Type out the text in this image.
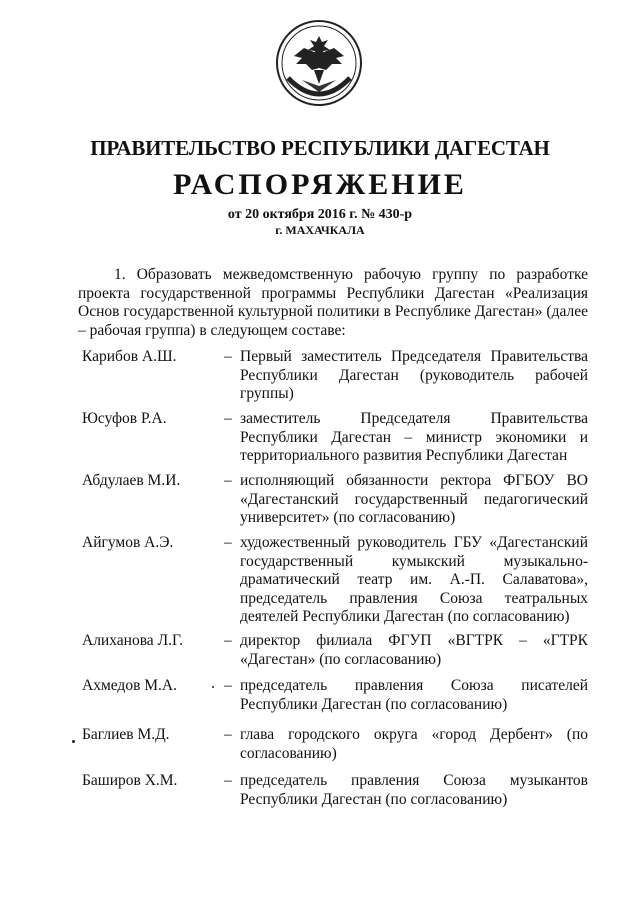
ПРАВИТЕЛЬСТВО РЕСПУБЛИКИ ДАГЕСТАН
РАСПОРЯЖЕНИЕ
от 20 октября 2016 г. № 430-р
г. МАХАЧКАЛА
1. Образовать межведомственную рабочую группу по разработке проекта государственной программы Республики Дагестан «Реализация Основ государственной культурной политики в Республике Дагестан» (далее – рабочая группа) в следующем составе:
Карибов А.Ш.	– Первый заместитель Председателя Правительства Республики Дагестан (руководитель рабочей группы)
Юсуфов Р.А.	– заместитель Председателя Правительства Республики Дагестан – министр экономики и территориального развития Республики Дагестан
Абдулаев М.И.	– исполняющий обязанности ректора ФГБОУ ВО «Дагестанский государственный педагогический университет» (по согласованию)
Айгумов А.Э.	– художественный руководитель ГБУ «Дагестанский государственный кумыкский музыкально-драматический театр им. А.-П. Салаватова», председатель правления Союза театральных деятелей Республики Дагестан (по согласованию)
Алиханова Л.Г.	– директор филиала ФГУП «ВГТРК – «ГТРК «Дагестан» (по согласованию)
Ахмедов М.А.	– председатель правления Союза писателей Республики Дагестан (по согласованию)
Баглиев М.Д.	– глава городского округа «город Дербент» (по согласованию)
Баширов Х.М.	– председатель правления Союза музыкантов Республики Дагестан (по согласованию)
